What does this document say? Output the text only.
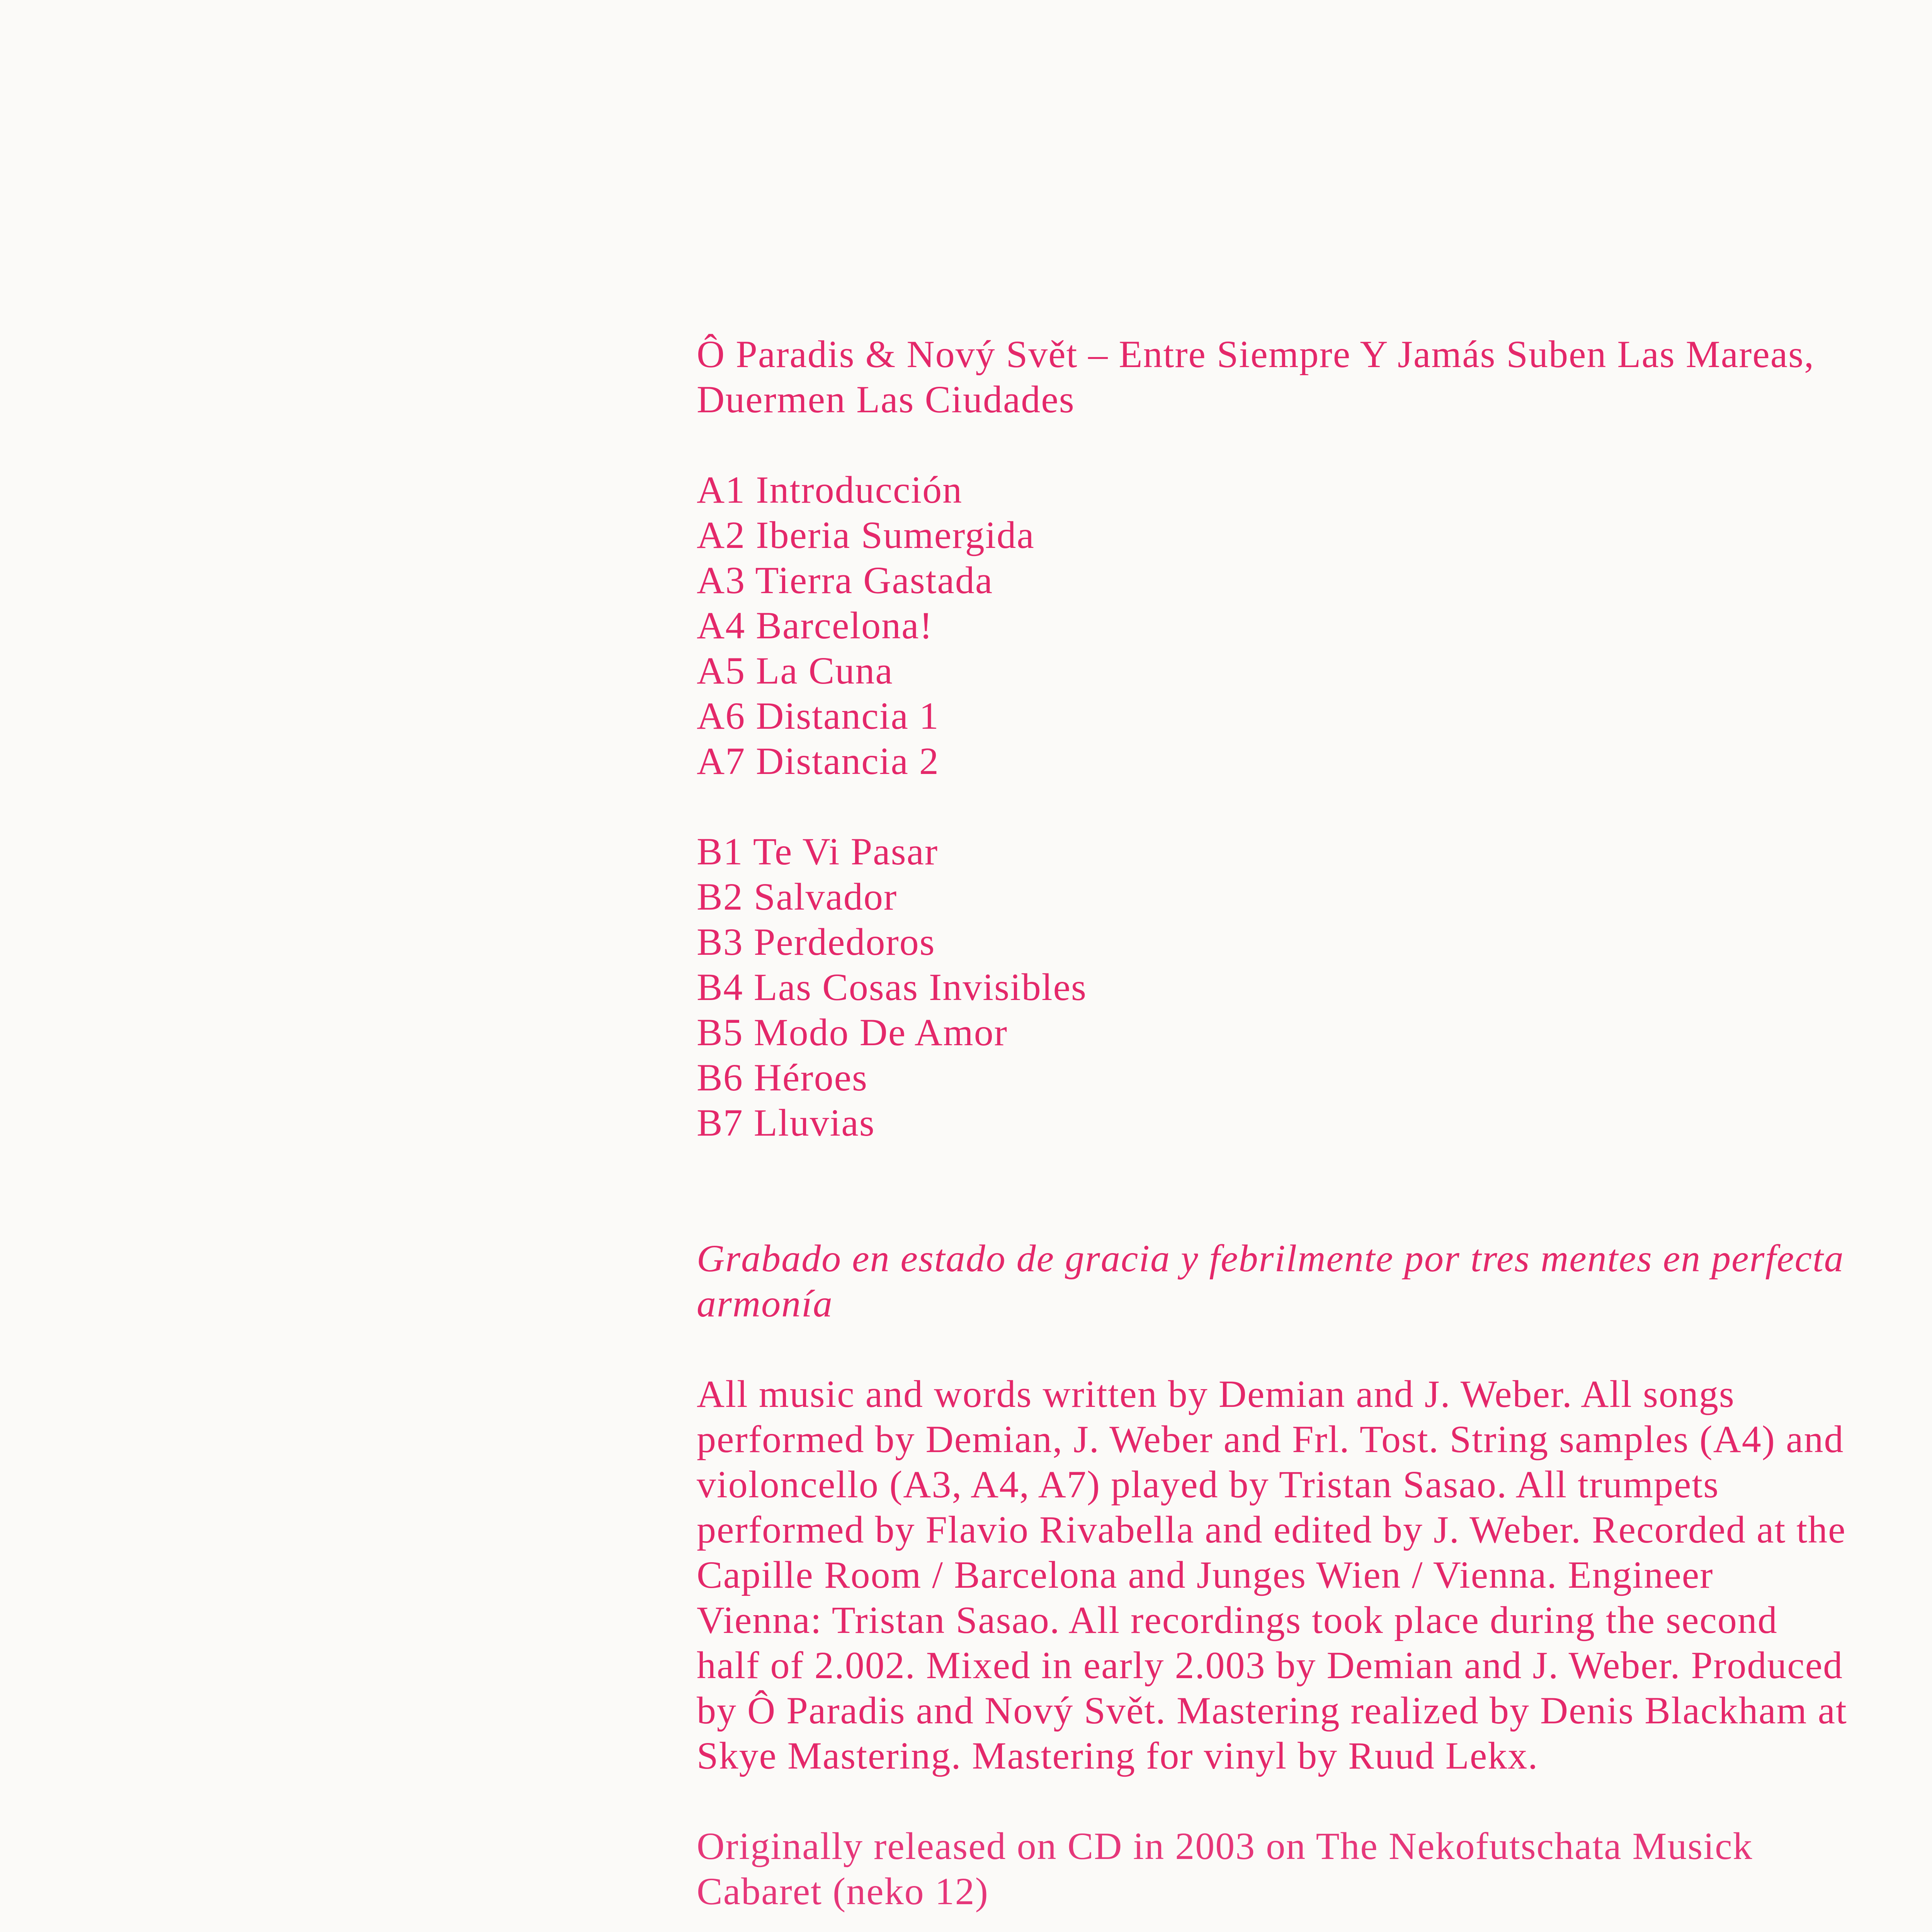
Ô Paradis & Nový Svět – Entre Siempre Y Jamás Suben Las Mareas,

Duermen Las Ciudades

A1 Introducción

A2 Iberia Sumergida

A3 Tierra Gastada

A4 Barcelona!

A5 La Cuna

A6 Distancia 1

A7 Distancia 2

B1 Te Vi Pasar

B2 Salvador

B3 Perdedoros

B4 Las Cosas Invisibles

B5 Modo De Amor

B6 Héroes

B7 Lluvias

Grabado en estado de gracia y febrilmente por tres mentes en perfecta

armonía

All music and words written by Demian and J. Weber. All songs

performed by Demian, J. Weber and Frl. Tost. String samples (A4) and

violoncello (A3, A4, A7) played by Tristan Sasao. All trumpets

performed by Flavio Rivabella and edited by J. Weber. Recorded at the

Capille Room / Barcelona and Junges Wien / Vienna. Engineer

Vienna: Tristan Sasao. All recordings took place during the second

half of 2.002. Mixed in early 2.003 by Demian and J. Weber. Produced

by Ô Paradis and Nový Svět. Mastering realized by Denis Blackham at

Skye Mastering. Mastering for vinyl by Ruud Lekx.

Originally released on CD in 2003 on The Nekofutschata Musick

Cabaret (neko 12)
